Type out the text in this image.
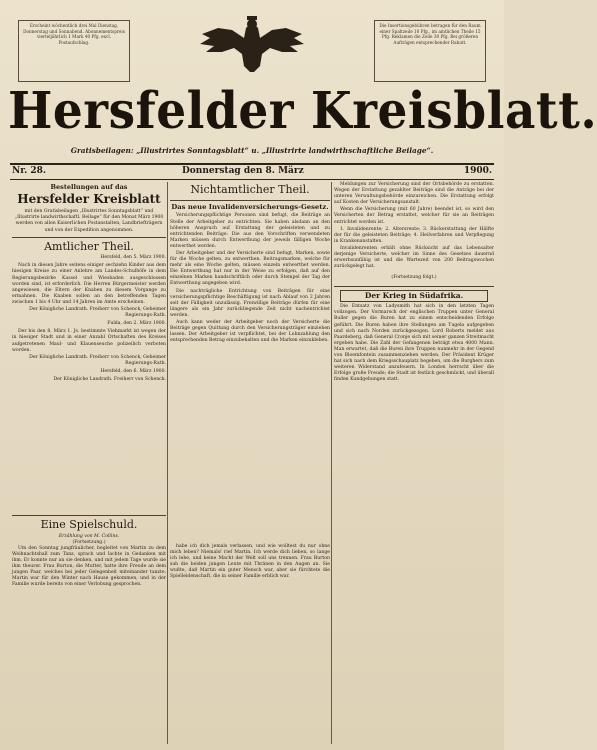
Erscheint wöchentlich drei Mal Dienstag, Donnerstag und Sonnabend. Abonnementspreis vierteljährlich 1 Mark 40 Pfg. excl. Postaufschlag.
Die Insertionsgebühren betragen für den Raum einer Spaltzeile 10 Pfg., im amtlichen Theile 15 Pfg. Reklamen die Zeile 30 Pfg. Bei größeren Aufträgen entsprechender Rabatt.
Hersfelder Kreisblatt.
Gratisbeilagen: „Illustrirtes Sonntagsblatt“ u. „Illustrirte landwirthschaftliche Beilage“.
Nr. 28.	Donnerstag den 8. März	1900.
Bestellungen auf das
Hersfelder Kreisblatt

mit den Gratisbeilagen „Illustrirtes Sonntagsblatt“ und „Illustrirte landwirthschaftl. Beilage“ für den Monat März 1900 werden von allen Kaiserlichen Postanstalten, Landbriefträgern und von der Expedition angenommen.

Amtlicher Theil.

Hersfeld, den 5. März 1900.

Nach in diesen Jahre seitens einiger sechzehn Kinder aus dem hiesigen Kreise zu einer Anlehre am Landes-Schulhöfe in dem Regierungsbezirke Kassel und Wiesbaden ausgeschlossen worden sind, ist erforderlich. Die Herren Bürgermeister werden angewiesen, die Eltern der Knaben zu diesem Vorgange zu ermahnen. Die Knaben sollen an den betreffenden Tagen zwischen 1 bis 4 Uhr und 14 Jahren im Amte erscheinen.

Der Königliche Landrath. Freiherr von Schenck, Geheimer Regierungs-Rath.

Fulda, den 2. März 1900.

Der bis den 8. März 1. Js. bestimmte Viehmarkt ist wegen der in hiesiger Stadt und in einer Anzahl Ortschaften des Kreises aufgetretenen Maul- und Klauenseuche polizeilich verboten worden.

Der Königliche Landrath. Freiherr von Schenck, Geheimer Regierungs-Rath.

Hersfeld, den 6. März 1900.

Der Königliche Landrath. Freiherr von Schenck.

Eine Spielschuld.
Erzählung von M. Collins.
(Fortsetzung.)

Um den Sonntag jungfräulicher, begleitet von Martin zu dem Weihnachtsball zum Tanz, sprach und lachte in Gedanken mit ihm. Er konnte nur an sie denken, und mit jedem Tage wurde sie ihm theurer. Frau Burton, die Mutter, hatte ihre Freude an dem jungen Paar, welches bei jeder Gelegenheit miteinander tanzte. Martin war für den Winter nach Hause gekommen, und in der Familie wurde bereits von einer Verlobung gesprochen.

Nichtamtlicher Theil.
Das neue Invalidenversicherungs-Gesetz.

Versicherungspflichtige Personen sind befugt, die Beiträge an Stelle der Arbeitgeber zu entrichten. Sie haben alsdann an den höheren Anspruch auf Erstattung der geleisteten und zu entrichtenden Beiträge. Die aus den Vorschriften verwendeten Marken müssen durch Entwerthung der jeweils fälligen Woche entwerthet werden.

Der Arbeitgeber und der Versicherte sind befugt, Marken, sowie für die Woche gelten, zu entwerthen. Beitragsmarken, welche für mehr als eine Woche gelten, müssen einzeln entwerthet werden. Die Entwerthung hat nur in der Weise zu erfolgen, daß auf den einzelnen Marken handschriftlich oder durch Stempel der Tag der Entwerthung angegeben wird.

Die nachträgliche Entrichtung von Beiträgen für eine versicherungspflichtige Beschäftigung ist nach Ablauf von 2 Jahren seit der Fälligkeit unzulässig. Freiwillige Beiträge dürfen für eine längere als ein Jahr zurückliegende Zeit nicht nachentrichtet werden.

Auch kann weder der Arbeitgeber noch der Versicherte die Beiträge gegen Quittung durch den Versicherungsträger einziehen lassen. Der Arbeitgeber ist verpflichtet, bei der Lohnzahlung den entsprechenden Betrag einzubehalten und die Marken einzukleben.

habe ich dich jemals verlassen, und wie wolltest du nur ohne mich leben? Niemals! rief Martin. Ich werde dich lieben, so lange ich lebe, und keine Macht der Welt soll uns trennen. Frau Burton sah die beiden jungen Leute mit Thränen in den Augen an. Sie wußte, daß Martin ein guter Mensch war, aber sie fürchtete die Spielleidenschaft, die in seiner Familie erblich war.

Meldungen zur Versicherung sind der Ortsbehörde zu erstatten. Wegen der Erstattung gezahlter Beiträge sind die Anträge bei der unteren Verwaltungsbehörde einzureichen. Die Erstattung erfolgt auf Kosten der Versicherungsanstalt.

Wenn die Versicherung (mit 60 Jahre) beendet ist, so wird den Versicherten der Betrag erstattet, welcher für sie an Beiträgen entrichtet worden ist.

1. Invalidenrente; 2. Altersrente; 3. Rückerstattung der Hälfte der für die geleisteten Beiträge; 4. Heilverfahren und Verpflegung in Krankenanstalten.

Invalidenrenten erhält ohne Rücksicht auf das Lebensalter derjenige Versicherte, welcher im Sinne des Gesetzes dauernd erwerbsunfähig ist und die Wartezeit von 200 Beitragswochen zurückgelegt hat.

(Fortsetzung folgt.)

Der Krieg in Südafrika.

Die Entsatz von Ladysmith hat sich in den letzten Tagen vollzogen. Der Vormarsch der englischen Truppen unter General Buller gegen die Buren hat zu einem entscheidenden Erfolge geführt. Die Buren haben ihre Stellungen am Tugela aufgegeben und sich nach Norden zurückgezogen. Lord Roberts meldet aus Paardeberg, daß General Cronje sich mit seiner ganzen Streitmacht ergeben habe. Die Zahl der Gefangenen beträgt etwa 4000 Mann. Man erwartet, daß die Buren ihre Truppen nunmehr in der Gegend von Bloemfontein zusammenziehen werden. Der Präsident Krüger hat sich nach dem Kriegsschauplatz begeben, um die Burghers zum weiteren Widerstand anzufeuern. In London herrscht über die Erfolge große Freude; die Stadt ist festlich geschmückt, und überall finden Kundgebungen statt.
